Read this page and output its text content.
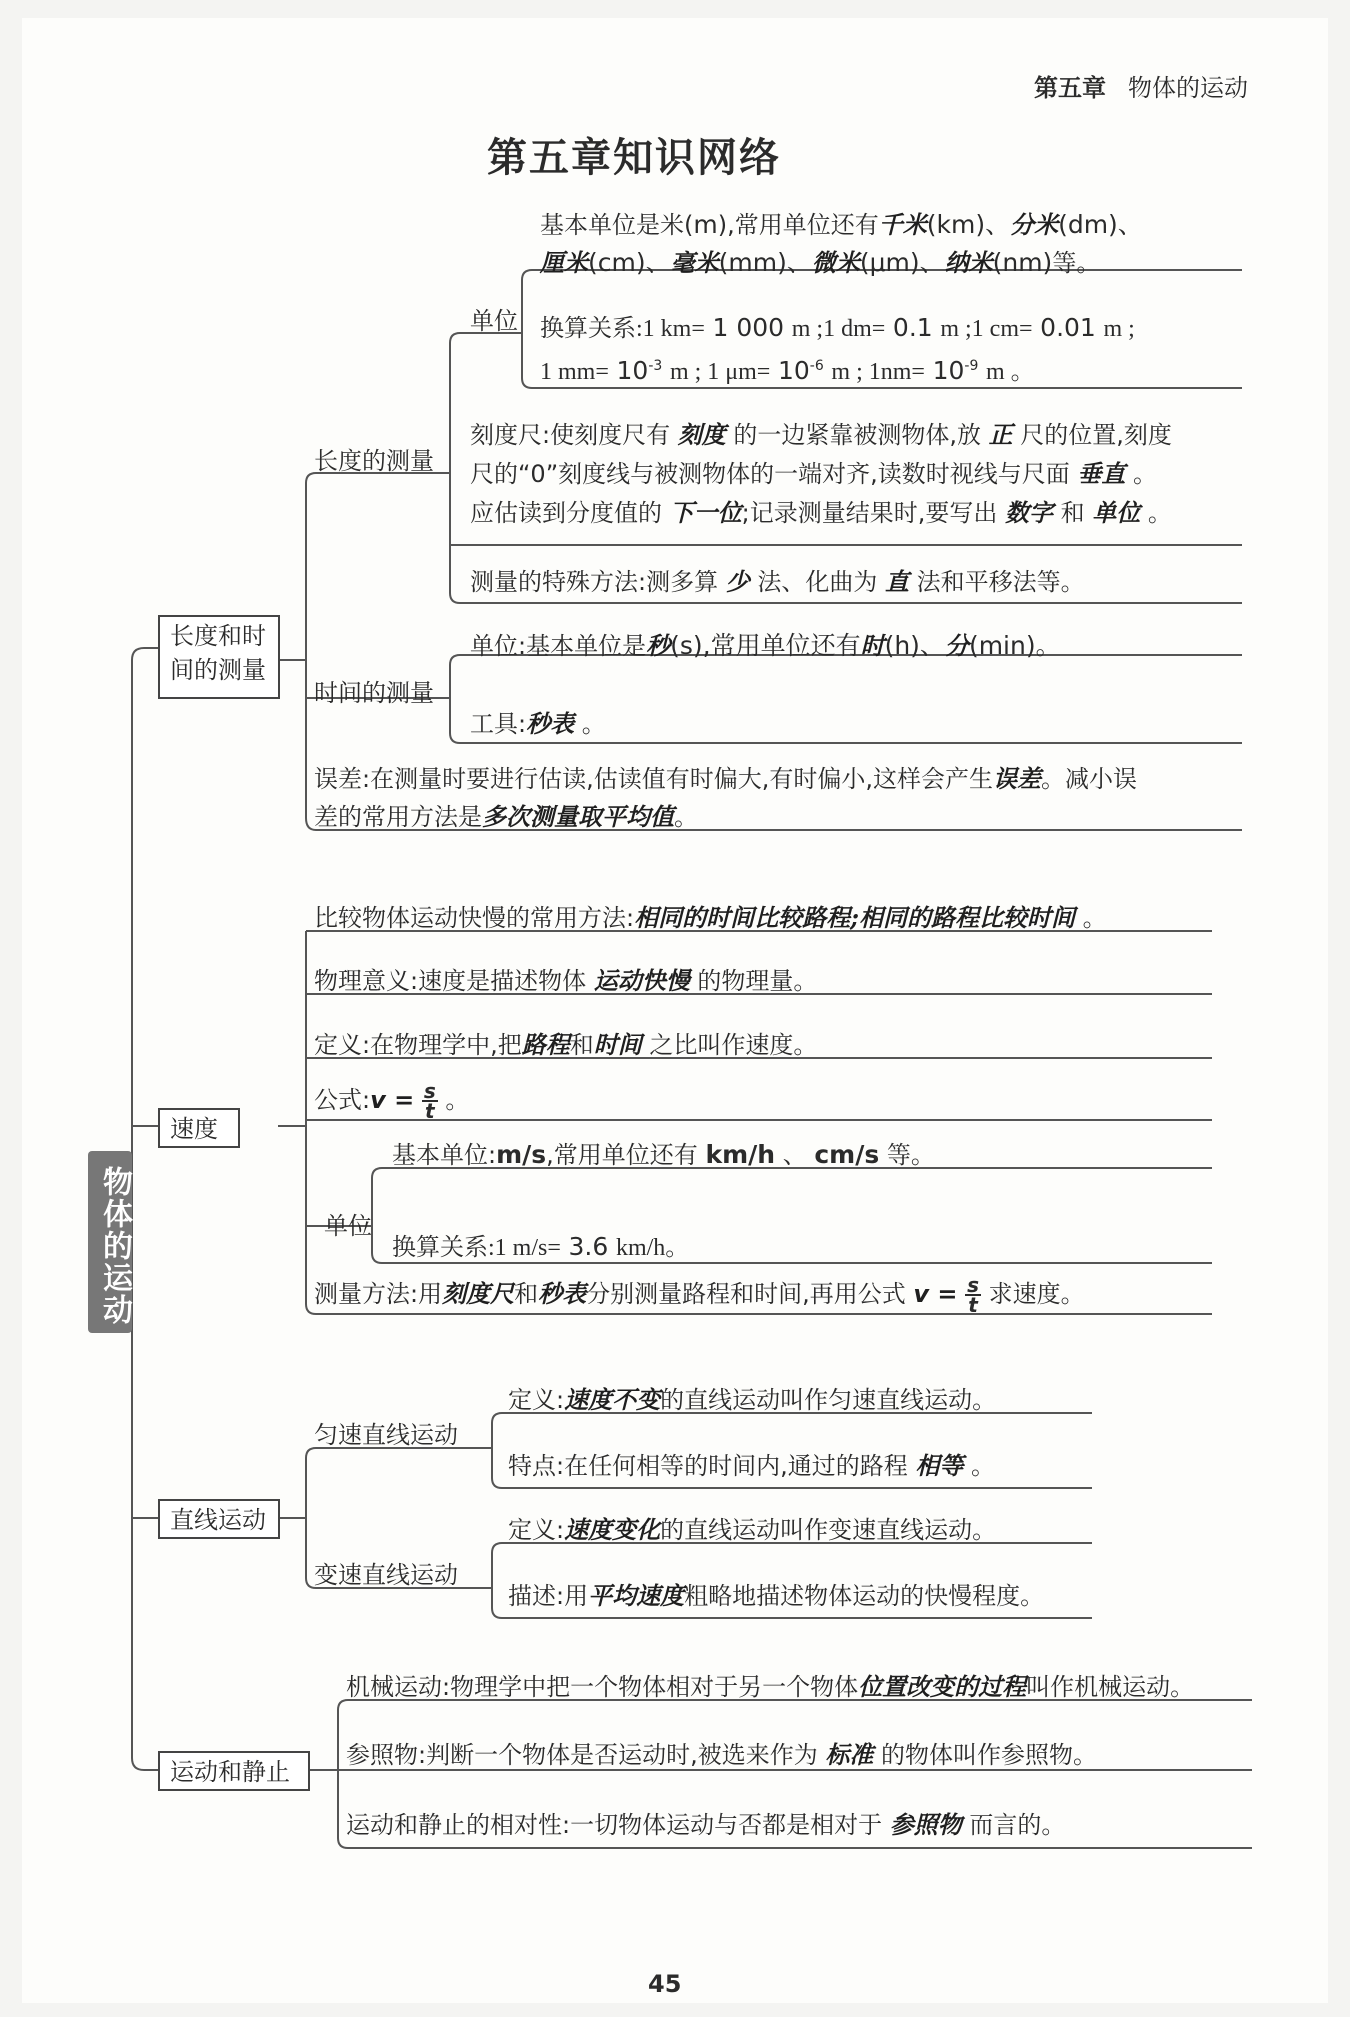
第五章 物体的运动
第五章知识网络
物体的运动
长度和时间的测量
长度的测量
单位
基本单位是米(m),常用单位还有千米(km)、分米(dm)、
厘米(cm)、毫米(mm)、微米(μm)、纳米(nm)等。
换算关系:1 km= 1 000 m ;1 dm= 0.1 m ;1 cm= 0.01 m ;
1 $mm= 10^{-3}$ m ; 1 $\mu m= 10^{-6}$ m ; $1nm= 10^{-9}$ m 。
刻度尺:使刻度尺有 刻度 的一边紧靠被测物体,放 正 尺的位置,刻度
尺的“0”刻度线与被测物体的一端对齐,读数时视线与尺面 垂直 。
应估读到分度值的 下一位;记录测量结果时,要写出 数字 和 单位 。
测量的特殊方法:测多算 少 法、化曲为 直 法和平移法等。
时间的测量
单位:基本单位是秒(s),常用单位还有时(h)、分(min)。
工具:秒表 。
误差:在测量时要进行估读,估读值有时偏大,有时偏小,这样会产生误差。减小误
差的常用方法是多次测量取平均值。
速度
比较物体运动快慢的常用方法:相同的时间比较路程;相同的路程比较时间 。
物理意义:速度是描述物体 运动快慢 的物理量。
定义:在物理学中,把路程和时间 之比叫作速度。
公式:v = $\frac{s}{t}$ 。
单位
基本单位:m/s,常用单位还有 km/h 、 cm/s 等。
换算关系:1 m/s= 3.6 km/h。
测量方法:用刻度尺和秒表分别测量路程和时间,再用公式 $v = \frac{s}{t}$ 求速度。
直线运动
匀速直线运动
定义:速度不变的直线运动叫作匀速直线运动。
特点:在任何相等的时间内,通过的路程 相等 。
变速直线运动
定义:速度变化的直线运动叫作变速直线运动。
描述:用平均速度粗略地描述物体运动的快慢程度。
运动和静止
机械运动:物理学中把一个物体相对于另一个物体位置改变的过程叫作机械运动。
参照物:判断一个物体是否运动时,被选来作为 标准 的物体叫作参照物。
运动和静止的相对性:一切物体运动与否都是相对于 参照物 而言的。
45
